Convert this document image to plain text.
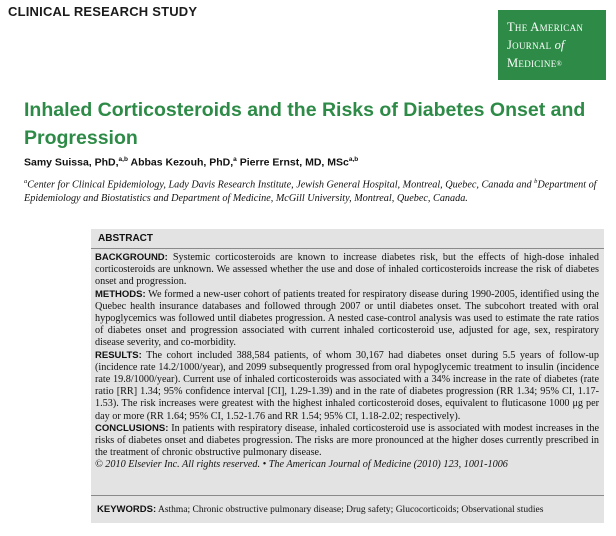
CLINICAL RESEARCH STUDY
The American
Journal of
Medicine®
Inhaled Corticosteroids and the Risks of Diabetes Onset and Progression
Samy Suissa, PhD,$^{a,b}$ Abbas Kezouh, PhD,$^a$ Pierre Ernst, MD, MSc$^{a,b}$

$^a$Center for Clinical Epidemiology, Lady Davis Research Institute, Jewish General Hospital, Montreal, Quebec, Canada and $^b$Department of Epidemiology and Biostatistics and Department of Medicine, McGill University, Montreal, Quebec, Canada.

ABSTRACT

BACKGROUND: Systemic corticosteroids are known to increase diabetes risk, but the effects of high-dose inhaled corticosteroids are unknown. We assessed whether the use and dose of inhaled corticosteroids increase the risk of diabetes onset and progression.

METHODS: We formed a new-user cohort of patients treated for respiratory disease during 1990-2005, identified using the Quebec health insurance databases and followed through 2007 or until diabetes onset. The subcohort treated with oral hypoglycemics was followed until diabetes progression. A nested case-control analysis was used to estimate the rate ratios of diabetes onset and progression associated with current inhaled corticosteroid use, adjusted for age, sex, respiratory disease severity, and co-morbidity.

RESULTS: The cohort included 388,584 patients, of whom 30,167 had diabetes onset during 5.5 years of follow-up (incidence rate 14.2/1000/year), and 2099 subsequently progressed from oral hypoglycemic treatment to insulin (incidence rate 19.8/1000/year). Current use of inhaled corticosteroids was associated with a 34% increase in the rate of diabetes (rate ratio [RR] 1.34; 95% confidence interval [CI], 1.29-1.39) and in the rate of diabetes progression (RR 1.34; 95% CI, 1.17-1.53). The risk increases were greatest with the highest inhaled corticosteroid doses, equivalent to fluticasone 1000 μg per day or more (RR 1.64; 95% CI, 1.52-1.76 and RR 1.54; 95% CI, 1.18-2.02; respectively).

CONCLUSIONS: In patients with respiratory disease, inhaled corticosteroid use is associated with modest increases in the risks of diabetes onset and diabetes progression. The risks are more pronounced at the higher doses currently prescribed in the treatment of chronic obstructive pulmonary disease.

© 2010 Elsevier Inc. All rights reserved. • The American Journal of Medicine (2010) 123, 1001-1006

KEYWORDS: Asthma; Chronic obstructive pulmonary disease; Drug safety; Glucocorticoids; Observational studies
